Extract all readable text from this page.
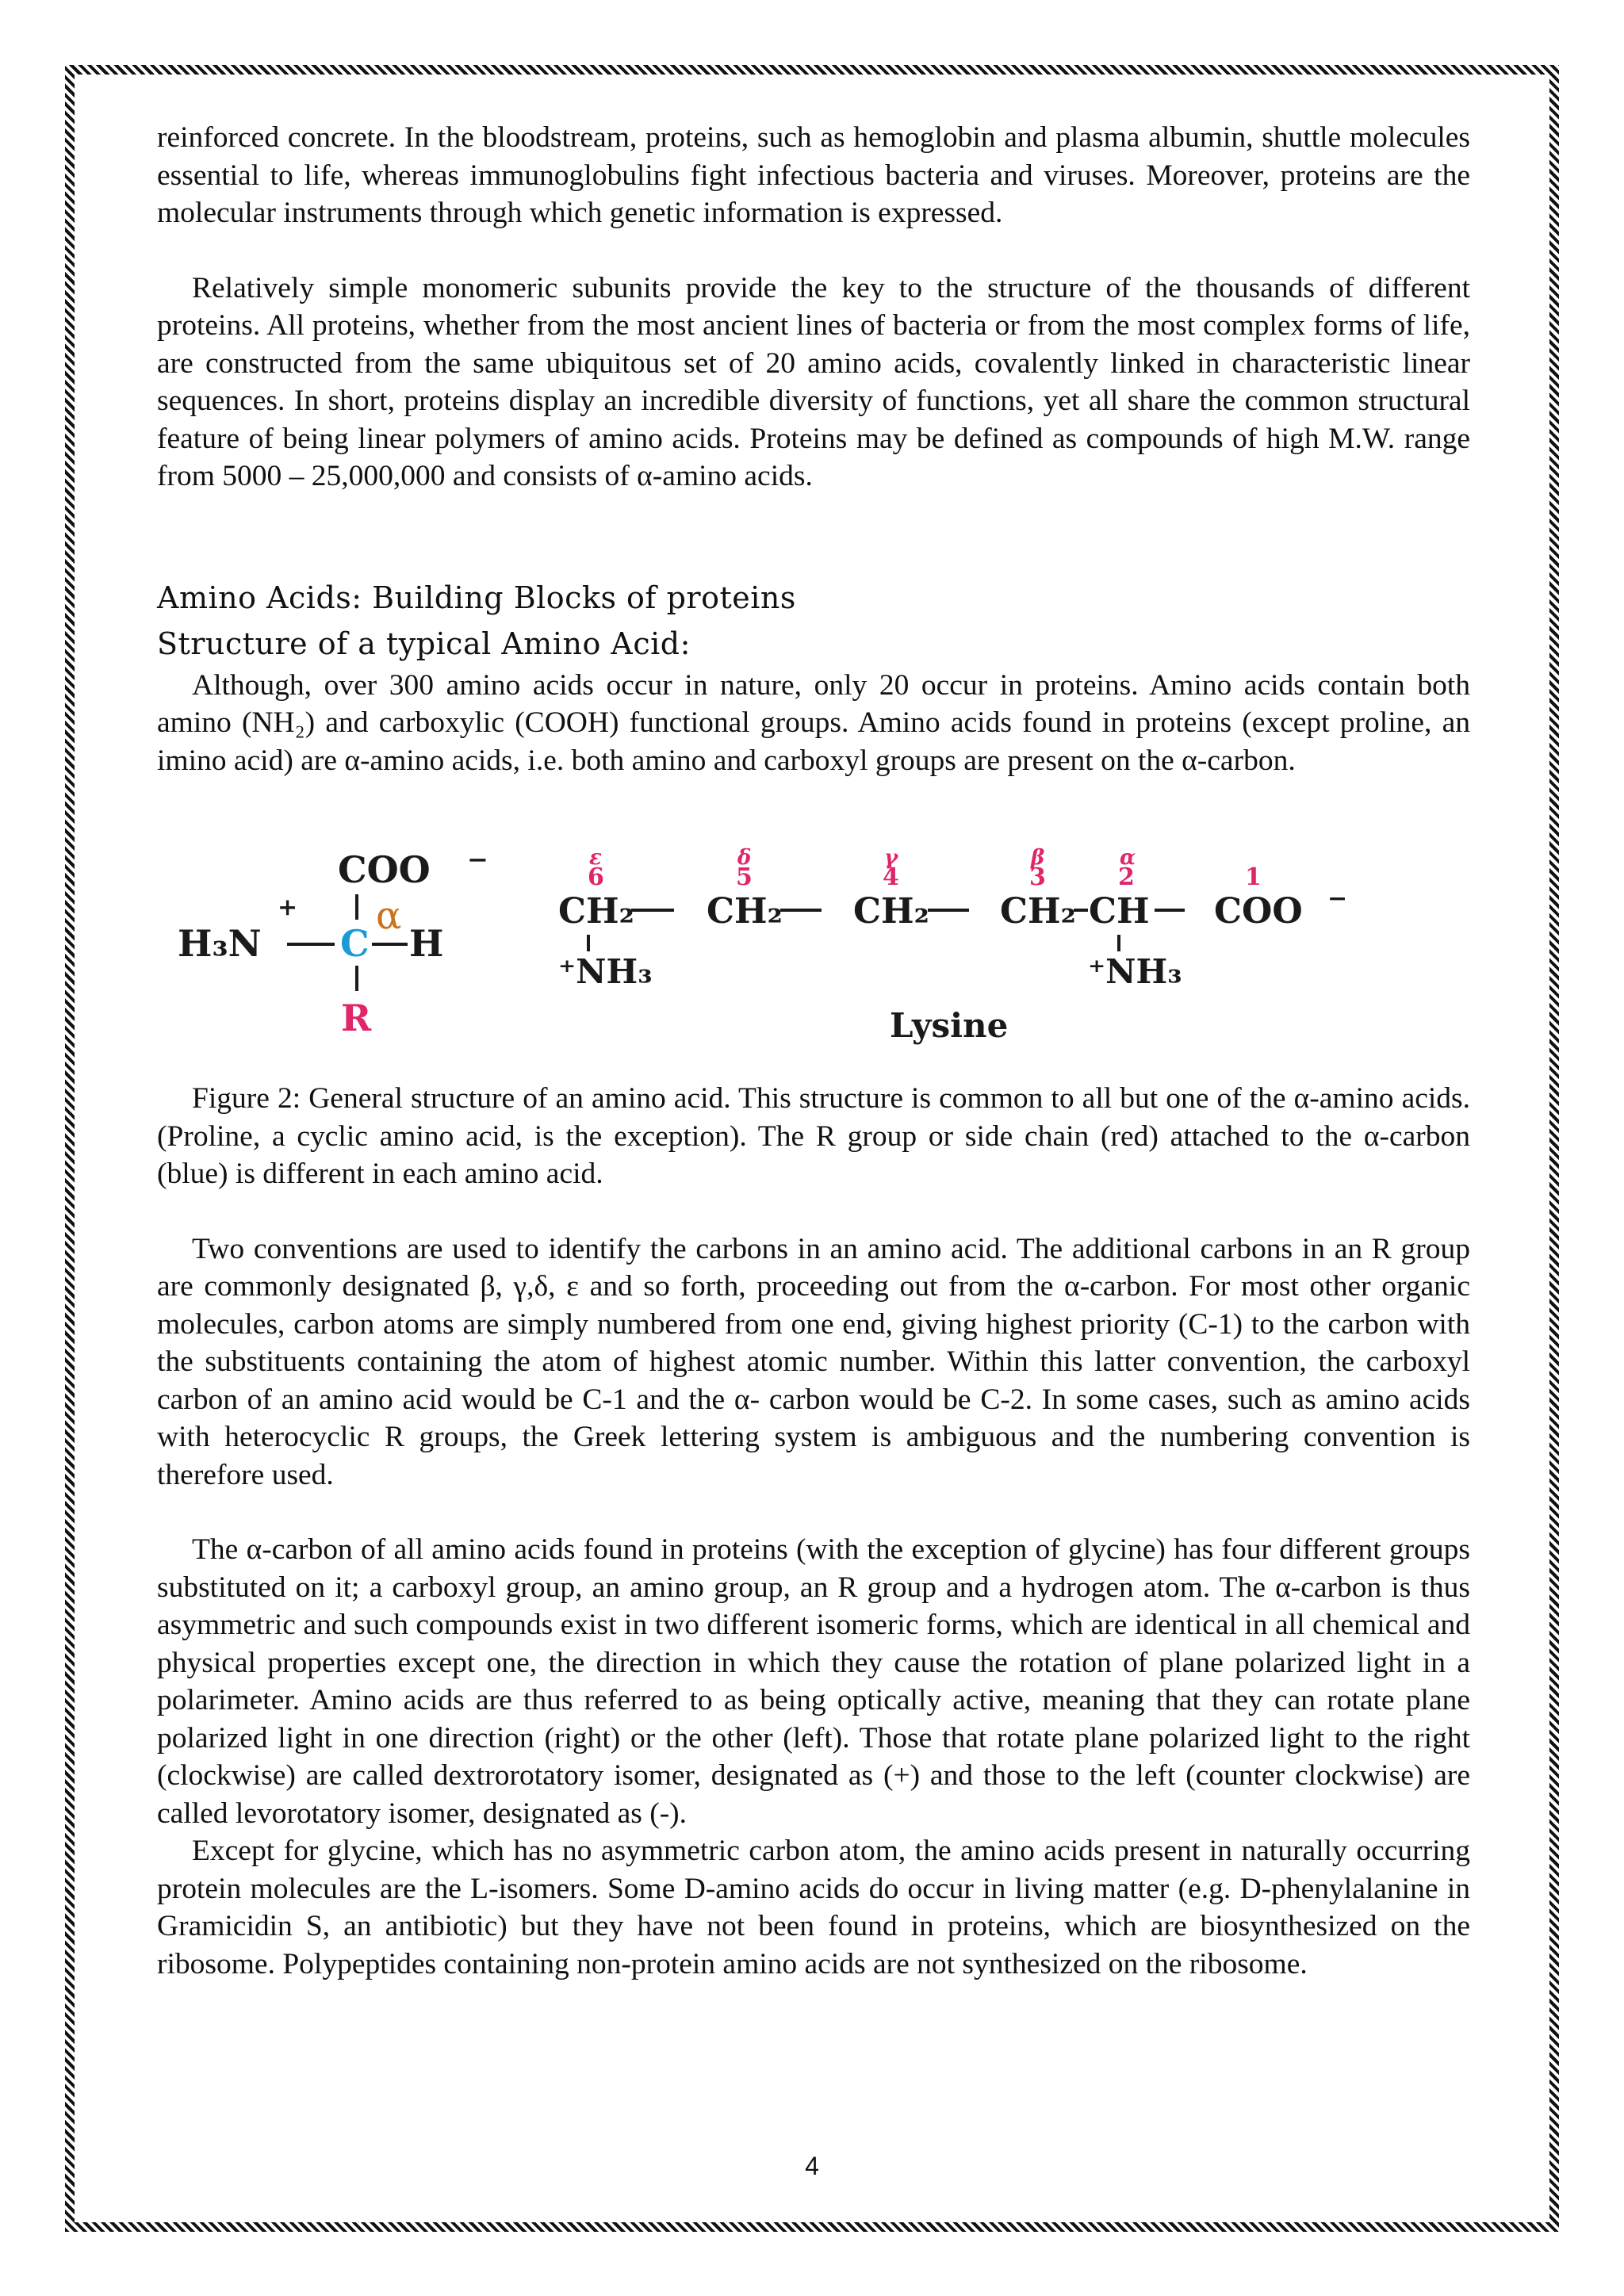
reinforced concrete. In the bloodstream, proteins, such as hemoglobin and plasma albumin, shuttle molecules essential to life, whereas immunoglobulins fight infectious bacteria and viruses. Moreover, proteins are the molecular instruments through which genetic information is expressed.

Relatively simple monomeric subunits provide the key to the structure of the thousands of different proteins. All proteins, whether from the most ancient lines of bacteria or from the most complex forms of life, are constructed from the same ubiquitous set of 20 amino acids, covalently linked in characteristic linear sequences. In short, proteins display an incredible diversity of functions, yet all share the common structural feature of being linear polymers of amino acids. Proteins may be defined as compounds of high M.W. range from 5000 – 25,000,000 and consists of α-amino acids.

Amino Acids: Building Blocks of proteins
Structure of a typical Amino Acid:

Although, over 300 amino acids occur in nature, only 20 occur in proteins. Amino acids contain both amino (NH₂) and carboxylic (COOH) functional groups. Amino acids found in proteins (except proline, an imino acid) are α-amino acids, i.e. both amino and carboxyl groups are present on the α-carbon.

COO −
α
+
H₃N C H
R
ε	δ	γ	β	α
6	5	4	3	2	1
CH₂ CH₂ CH₂ CH₂ CH COO −
⁺NH₃	⁺NH₃
Lysine

Figure 2: General structure of an amino acid. This structure is common to all but one of the α-amino acids. (Proline, a cyclic amino acid, is the exception). The R group or side chain (red) attached to the α-carbon (blue) is different in each amino acid.

Two conventions are used to identify the carbons in an amino acid. The additional carbons in an R group are commonly designated β, γ,δ, ε and so forth, proceeding out from the α-carbon. For most other organic molecules, carbon atoms are simply numbered from one end, giving highest priority (C-1) to the carbon with the substituents containing the atom of highest atomic number. Within this latter convention, the carboxyl carbon of an amino acid would be C-1 and the α- carbon would be C-2. In some cases, such as amino acids with heterocyclic R groups, the Greek lettering system is ambiguous and the numbering convention is therefore used.

The α-carbon of all amino acids found in proteins (with the exception of glycine) has four different groups substituted on it; a carboxyl group, an amino group, an R group and a hydrogen atom. The α-carbon is thus asymmetric and such compounds exist in two different isomeric forms, which are identical in all chemical and physical properties except one, the direction in which they cause the rotation of plane polarized light in a polarimeter. Amino acids are thus referred to as being optically active, meaning that they can rotate plane polarized light in one direction (right) or the other (left). Those that rotate plane polarized light to the right (clockwise) are called dextrorotatory isomer, designated as (+) and those to the left (counter clockwise) are called levorotatory isomer, designated as (-).

Except for glycine, which has no asymmetric carbon atom, the amino acids present in naturally occurring protein molecules are the L-isomers. Some D-amino acids do occur in living matter (e.g. D-phenylalanine in Gramicidin S, an antibiotic) but they have not been found in proteins, which are biosynthesized on the ribosome. Polypeptides containing non-protein amino acids are not synthesized on the ribosome.

4
